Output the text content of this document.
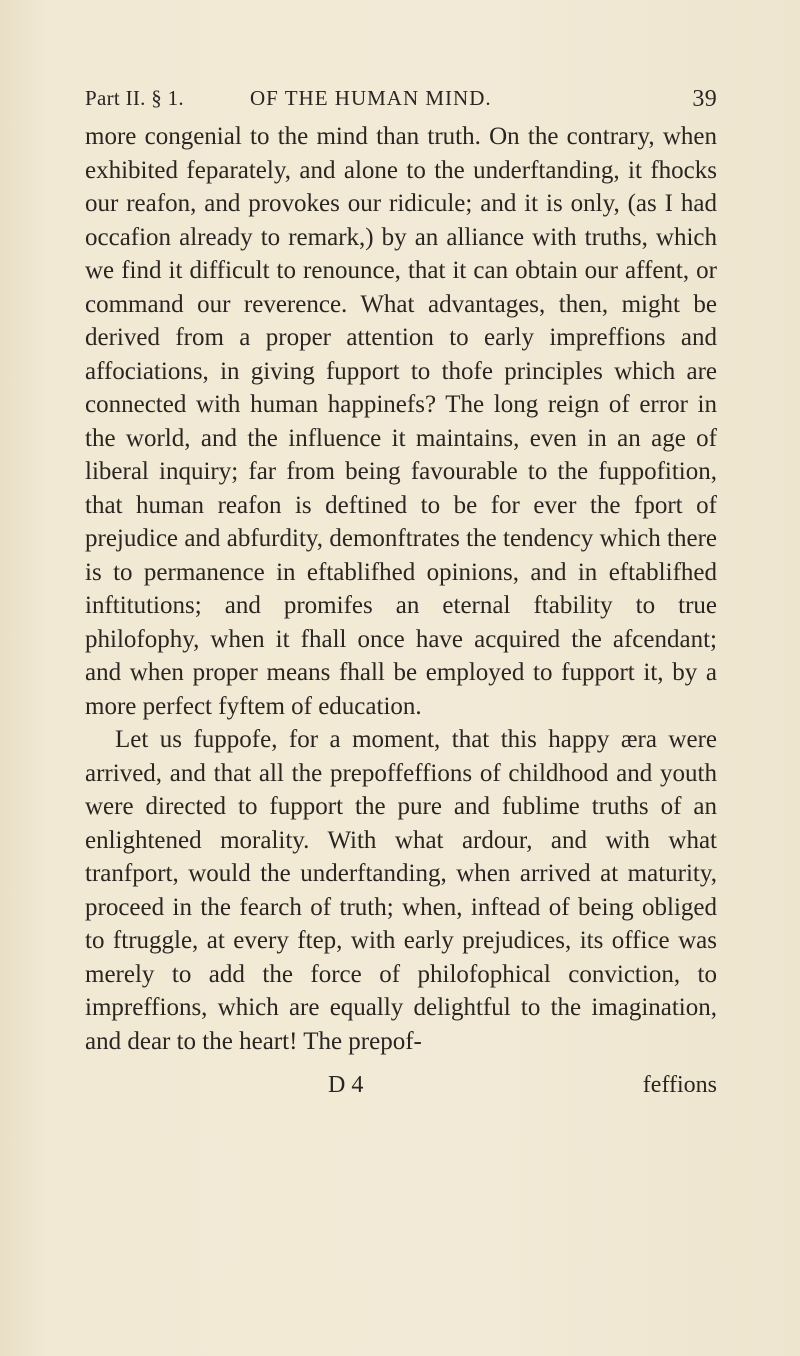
Part II. § 1.	OF THE HUMAN MIND.	39

more congenial to the mind than truth. On the contrary, when exhibited feparately, and alone to the underftanding, it fhocks our reafon, and provokes our ridicule; and it is only, (as I had occafion already to remark,) by an alliance with truths, which we find it difficult to renounce, that it can obtain our affent, or command our reverence. What advantages, then, might be derived from a proper attention to early impreffions and affociations, in giving fupport to thofe principles which are connected with human happinefs? The long reign of error in the world, and the influence it maintains, even in an age of liberal inquiry; far from being favourable to the fuppofition, that human reafon is deftined to be for ever the fport of prejudice and abfurdity, demonftrates the tendency which there is to permanence in eftablifhed opinions, and in eftablifhed inftitutions; and promifes an eternal ftability to true philofophy, when it fhall once have acquired the afcendant; and when proper means fhall be employed to fupport it, by a more perfect fyftem of education.

Let us fuppofe, for a moment, that this happy æra were arrived, and that all the prepoffeffions of childhood and youth were directed to fupport the pure and fublime truths of an enlightened morality. With what ardour, and with what tranfport, would the underftanding, when arrived at maturity, proceed in the fearch of truth; when, inftead of being obliged to ftruggle, at every ftep, with early prejudices, its office was merely to add the force of philofophical conviction, to impreffions, which are equally delightful to the imagination, and dear to the heart! The prepof-

D 4	feffions
